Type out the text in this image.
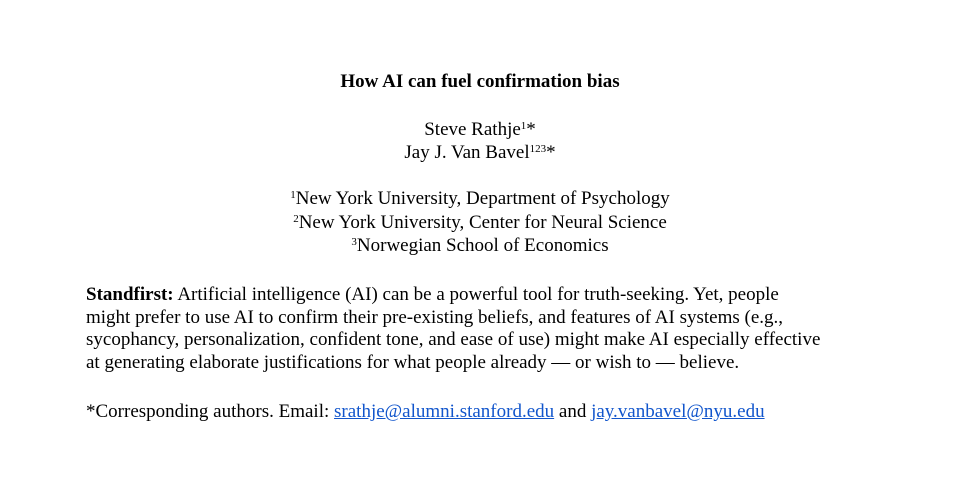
How AI can fuel confirmation bias
Steve Rathje$^1$*
Jay J. Van Bavel$^{123}$*
$^1$New York University, Department of Psychology
$^2$New York University, Center for Neural Science
$^3$Norwegian School of Economics
Standfirst: Artificial intelligence (AI) can be a powerful tool for truth-seeking. Yet, people
might prefer to use AI to confirm their pre-existing beliefs, and features of AI systems (e.g.,
sycophancy, personalization, confident tone, and ease of use) might make AI especially effective
at generating elaborate justifications for what people already — or wish to — believe.
*Corresponding authors. Email: srathje@alumni.stanford.edu and jay.vanbavel@nyu.edu
